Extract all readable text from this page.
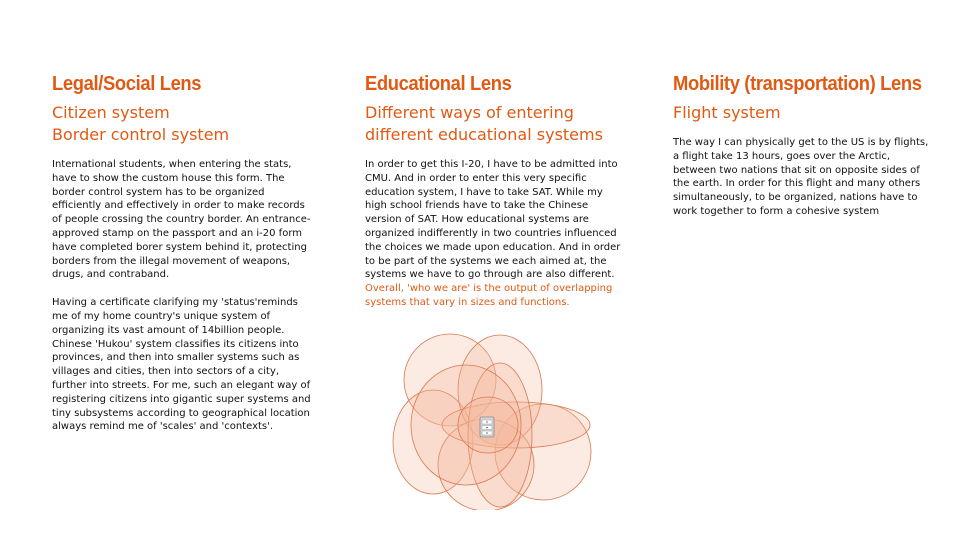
Legal/Social Lens
Citizen system
Border control system

International students, when entering the stats, have to show the custom house this form. The border control system has to be organized efficiently and effectively in order to make records of people crossing the country border. An entrance-approved stamp on the passport and an i-20 form have completed borer system behind it, protecting borders from the illegal movement of weapons, drugs, and contraband.

Having a certificate clarifying my 'status'reminds me of my home country's unique system of organizing its vast amount of 14billion people. Chinese 'Hukou' system classifies its citizens into provinces, and then into smaller systems such as villages and cities, then into sectors of a city, further into streets. For me, such an elegant way of registering citizens into gigantic super systems and tiny subsystems according to geographical location always remind me of 'scales' and 'contexts'.

Educational Lens
Different ways of entering
different educational systems

In order to get this I-20, I have to be admitted into CMU. And in order to enter this very specific education system, I have to take SAT. While my high school friends have to take the Chinese version of SAT. How educational systems are organized indifferently in two countries influenced the choices we made upon education. And in order to be part of the systems we each aimed at, the systems we have to go through are also different. Overall, 'who we are' is the output of overlapping systems that vary in sizes and functions.

Mobility (transportation) Lens
Flight system

The way I can physically get to the US is by flights, a flight take 13 hours, goes over the Arctic, between two nations that sit on opposite sides of the earth. In order for this flight and many others simultaneously, to be organized, nations have to work together to form a cohesive system
